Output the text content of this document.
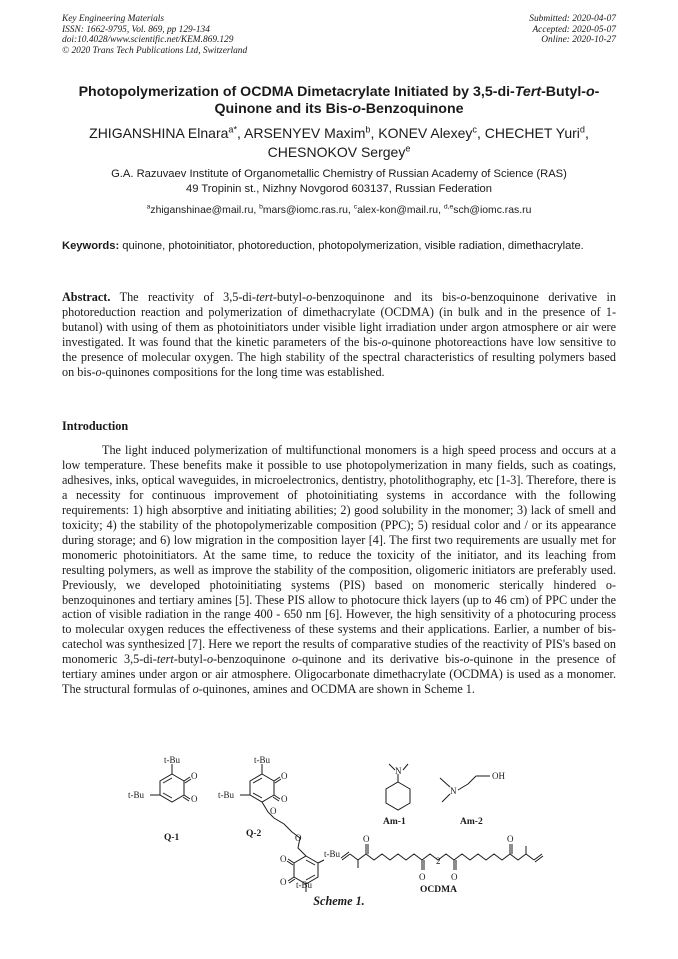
Key Engineering Materials
ISSN: 1662-9795, Vol. 869, pp 129-134
doi:10.4028/www.scientific.net/KEM.869.129
© 2020 Trans Tech Publications Ltd, Switzerland
Submitted: 2020-04-07
Accepted: 2020-05-07
Online: 2020-10-27
Photopolymerization of OCDMA Dimetacrylate Initiated by 3,5-di-Tert-Butyl-o-Quinone and its Bis-o-Benzoquinone
ZHIGANSHINA Elnara$^{a*}$, ARSENYEV Maxim$^b$, KONEV Alexey$^c$, CHECHET Yuri$^d$, CHESNOKOV Sergey$^e$
G.A. Razuvaev Institute of Organometallic Chemistry of Russian Academy of Science (RAS)
49 Tropinin st., Nizhny Novgorod 603137, Russian Federation
$^a$zhiganshinae@mail.ru, $^b$mars@iomc.ras.ru, $^c$alex-kon@mail.ru, $^{d,e}$sch@iomc.ras.ru
Keywords: quinone, photoinitiator, photoreduction, photopolymerization, visible radiation, dimethacrylate.
Abstract. The reactivity of 3,5-di-tert-butyl-o-benzoquinone and its bis-o-benzoquinone derivative in photoreduction reaction and polymerization of dimethacrylate (OCDMA) (in bulk and in the presence of 1-butanol) with using of them as photoinitiators under visible light irradiation under argon atmosphere or air were investigated. It was found that the kinetic parameters of the bis-o-quinone photoreactions have low sensitive to the presence of molecular oxygen. The high stability of the spectral characteristics of resulting polymers based on bis-o-quinones compositions for the long time was established.
Introduction
The light induced polymerization of multifunctional monomers is a high speed process and occurs at a low temperature. These benefits make it possible to use photopolymerization in many fields, such as coatings, adhesives, inks, optical waveguides, in microelectronics, dentistry, photolithography, etc [1-3]. Therefore, there is a necessity for continuous improvement of photoinitiating systems in accordance with the following requirements: 1) high absorptive and initiating abilities; 2) good solubility in the monomer; 3) lack of smell and toxicity; 4) the stability of the photopolymerizable composition (PPC); 5) residual color and / or its appearance during storage; and 6) low migration in the composition layer [4]. The first two requirements are usually met for monomeric photoinitiators. At the same time, to reduce the toxicity of the initiator, and its leaching from resulting polymers, as well as improve the stability of the composition, oligomeric initiators are preferably used. Previously, we developed photoinitiating systems (PIS) based on monomeric sterically hindered o-benzoquinones and tertiary amines [5]. These PIS allow to photocure thick layers (up to 46 cm) of PPC under the action of visible radiation in the range 400 - 650 nm [6]. However, the high sensitivity of a photocuring process to molecular oxygen reduces the effectiveness of these systems and their applications. Earlier, a number of bis-catechol was synthesized [7]. Here we report the results of comparative studies of the reactivity of PIS's based on monomeric 3,5-di-tert-butyl-o-benzoquinone o-quinone and its derivative bis-o-quinone in the presence of tertiary amines under argon or air atmosphere. Oligocarbonate dimethacrylate (OCDMA) is used as a monomer. The structural formulas of o-quinones, amines and OCDMA are shown in Scheme 1.
t-Bu
O
O
t-Bu
Q-1
t-Bu
O
O
t-Bu
O
O
O
O
t-Bu
t-Bu
Q-2
N
Am-1
N
OH
Am-2
O
O	O
O
2
OCDMA
Scheme 1.
